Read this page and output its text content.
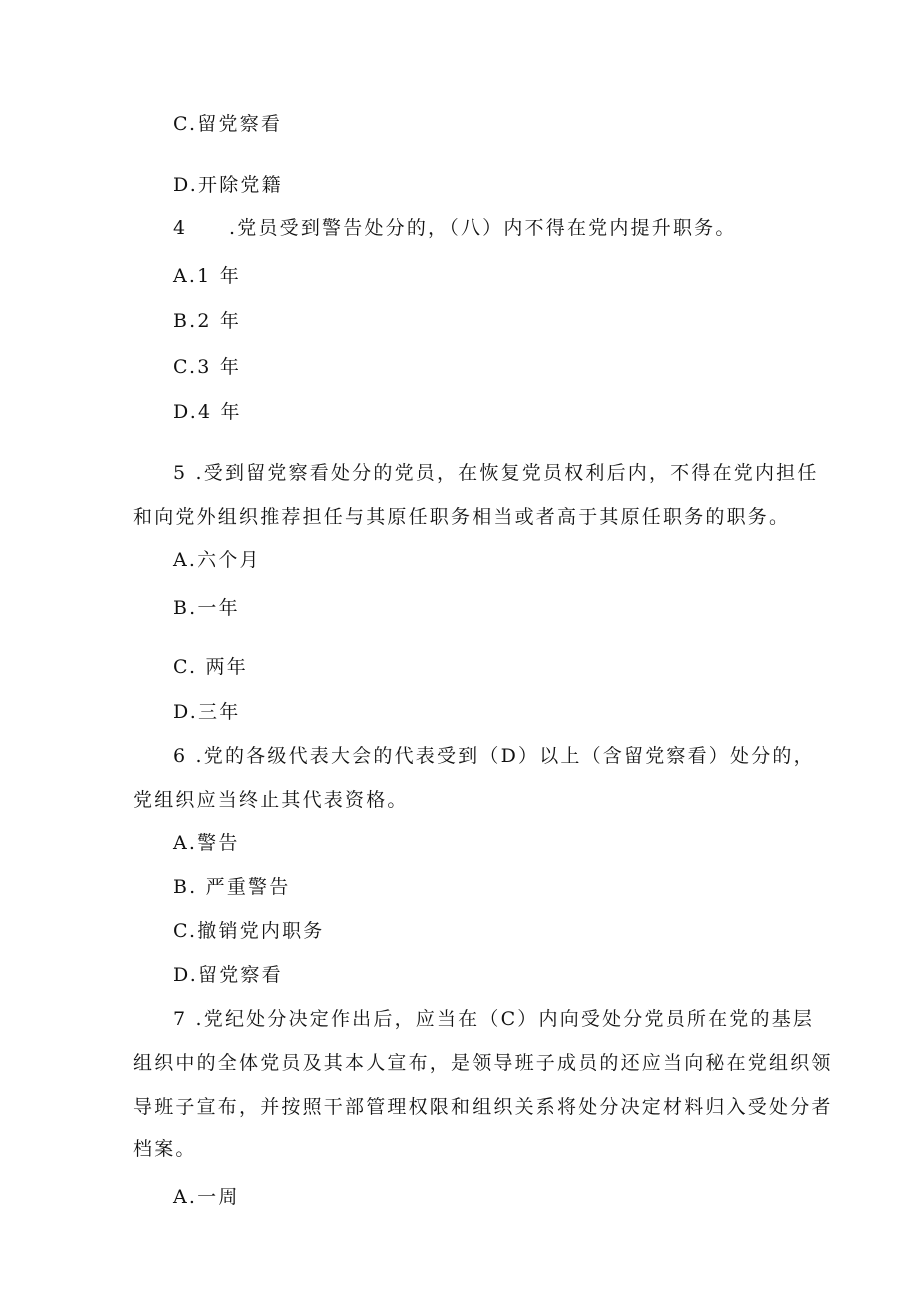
C.留党察看
D.开除党籍
4 .党员受到警告处分的，（八）内不得在党内提升职务。
A.1 年
B.2 年
C.3 年
D.4 年
5 .受到留党察看处分的党员，在恢复党员权利后内，不得在党内担任
和向党外组织推荐担任与其原任职务相当或者高于其原任职务的职务。
A.六个月
B.一年
C. 两年
D.三年
6 .党的各级代表大会的代表受到（D）以上（含留党察看）处分的，
党组织应当终止其代表资格。
A.警告
B. 严重警告
C.撤销党内职务
D.留党察看
7 .党纪处分决定作出后，应当在（C）内向受处分党员所在党的基层
组织中的全体党员及其本人宣布，是领导班子成员的还应当向秘在党组织领
导班子宣布，并按照干部管理权限和组织关系将处分决定材料归入受处分者
档案。
A.一周
